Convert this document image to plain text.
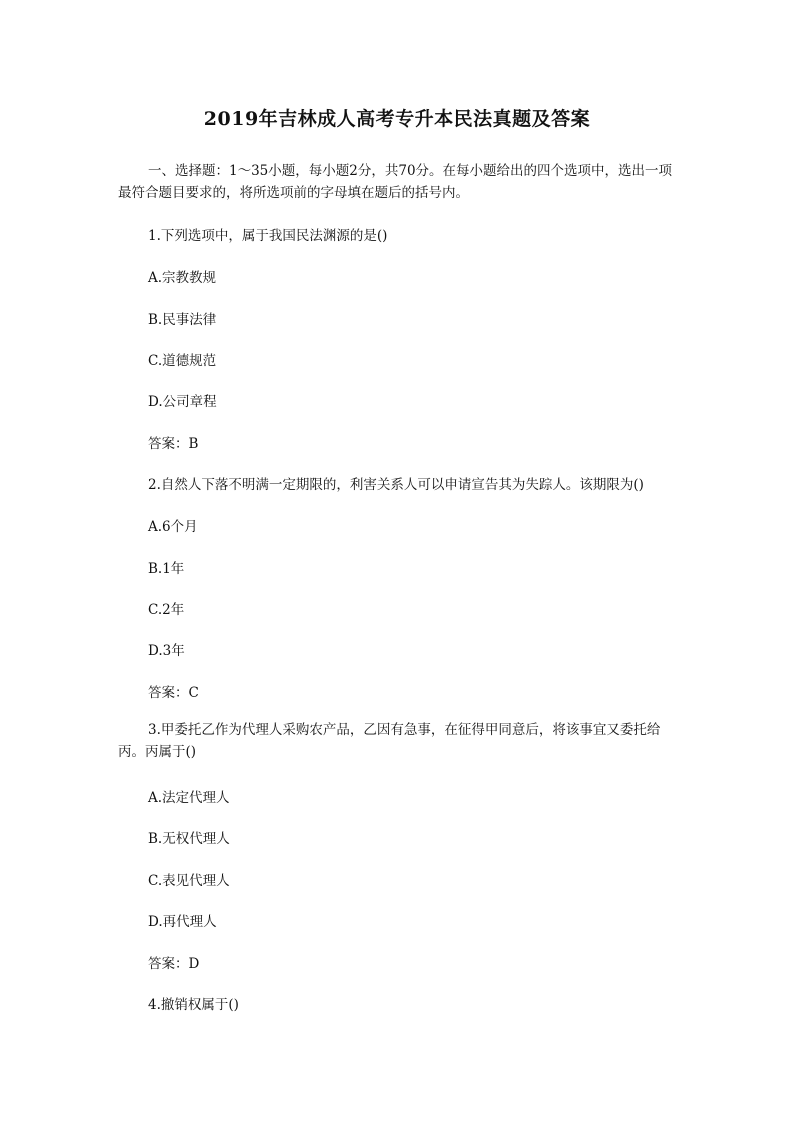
2019年吉林成人高考专升本民法真题及答案
一、选择题：1～35小题，每小题2分，共70分。在每小题给出的四个选项中，选出一项最符合题目要求的，将所选项前的字母填在题后的括号内。
1.下列选项中，属于我国民法渊源的是()
A.宗教教规
B.民事法律
C.道德规范
D.公司章程
答案：B
2.自然人下落不明满一定期限的，利害关系人可以申请宣告其为失踪人。该期限为()
A.6个月
B.1年
C.2年
D.3年
答案：C
3.甲委托乙作为代理人采购农产品，乙因有急事，在征得甲同意后，将该事宜又委托给丙。丙属于()
A.法定代理人
B.无权代理人
C.表见代理人
D.再代理人
答案：D
4.撤销权属于()
